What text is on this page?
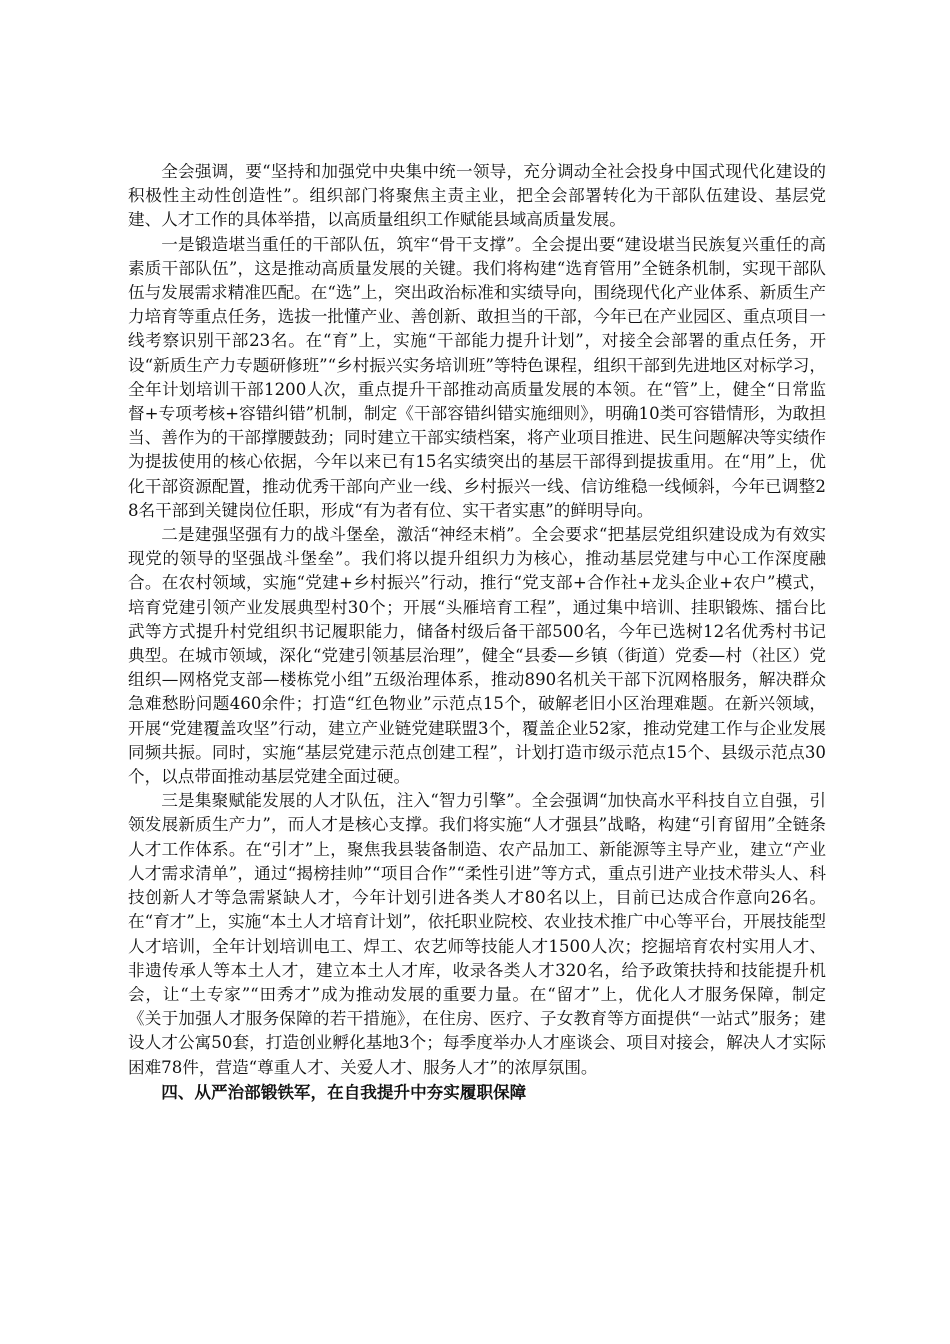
全会强调，要“坚持和加强党中央集中统一领导，充分调动全社会投身中国式现代化建设的积极性主动性创造性”。组织部门将聚焦主责主业，把全会部署转化为干部队伍建设、基层党建、人才工作的具体举措，以高质量组织工作赋能县域高质量发展。

一是锻造堪当重任的干部队伍，筑牢“骨干支撑”。全会提出要“建设堪当民族复兴重任的高素质干部队伍”，这是推动高质量发展的关键。我们将构建“选育管用”全链条机制，实现干部队伍与发展需求精准匹配。在“选”上，突出政治标准和实绩导向，围绕现代化产业体系、新质生产力培育等重点任务，选拔一批懂产业、善创新、敢担当的干部，今年已在产业园区、重点项目一线考察识别干部23名。在“育”上，实施“干部能力提升计划”，对接全会部署的重点任务，开设“新质生产力专题研修班”“乡村振兴实务培训班”等特色课程，组织干部到先进地区对标学习，全年计划培训干部1200人次，重点提升干部推动高质量发展的本领。在“管”上，健全“日常监督+专项考核+容错纠错”机制，制定《干部容错纠错实施细则》，明确10类可容错情形，为敢担当、善作为的干部撑腰鼓劲；同时建立干部实绩档案，将产业项目推进、民生问题解决等实绩作为提拔使用的核心依据，今年以来已有15名实绩突出的基层干部得到提拔重用。在“用”上，优化干部资源配置，推动优秀干部向产业一线、乡村振兴一线、信访维稳一线倾斜，今年已调整28名干部到关键岗位任职，形成“有为者有位、实干者实惠”的鲜明导向。

二是建强坚强有力的战斗堡垒，激活“神经末梢”。全会要求“把基层党组织建设成为有效实现党的领导的坚强战斗堡垒”。我们将以提升组织力为核心，推动基层党建与中心工作深度融合。在农村领域，实施“党建+乡村振兴”行动，推行“党支部+合作社+龙头企业+农户”模式，培育党建引领产业发展典型村30个；开展“头雁培育工程”，通过集中培训、挂职锻炼、擂台比武等方式提升村党组织书记履职能力，储备村级后备干部500名，今年已选树12名优秀村书记典型。在城市领域，深化“党建引领基层治理”，健全“县委—乡镇（街道）党委—村（社区）党组织—网格党支部—楼栋党小组”五级治理体系，推动890名机关干部下沉网格服务，解决群众急难愁盼问题460余件；打造“红色物业”示范点15个，破解老旧小区治理难题。在新兴领域，开展“党建覆盖攻坚”行动，建立产业链党建联盟3个，覆盖企业52家，推动党建工作与企业发展同频共振。同时，实施“基层党建示范点创建工程”，计划打造市级示范点15个、县级示范点30个，以点带面推动基层党建全面过硬。

三是集聚赋能发展的人才队伍，注入“智力引擎”。全会强调“加快高水平科技自立自强，引领发展新质生产力”，而人才是核心支撑。我们将实施“人才强县”战略，构建“引育留用”全链条人才工作体系。在“引才”上，聚焦我县装备制造、农产品加工、新能源等主导产业，建立“产业人才需求清单”，通过“揭榜挂帅”“项目合作”“柔性引进”等方式，重点引进产业技术带头人、科技创新人才等急需紧缺人才，今年计划引进各类人才80名以上，目前已达成合作意向26名。在“育才”上，实施“本土人才培育计划”，依托职业院校、农业技术推广中心等平台，开展技能型人才培训，全年计划培训电工、焊工、农艺师等技能人才1500人次；挖掘培育农村实用人才、非遗传承人等本土人才，建立本土人才库，收录各类人才320名，给予政策扶持和技能提升机会，让“土专家”“田秀才”成为推动发展的重要力量。在“留才”上，优化人才服务保障，制定《关于加强人才服务保障的若干措施》，在住房、医疗、子女教育等方面提供“一站式”服务；建设人才公寓50套，打造创业孵化基地3个；每季度举办人才座谈会、项目对接会，解决人才实际困难78件，营造“尊重人才、关爱人才、服务人才”的浓厚氛围。

四、从严治部锻铁军，在自我提升中夯实履职保障
